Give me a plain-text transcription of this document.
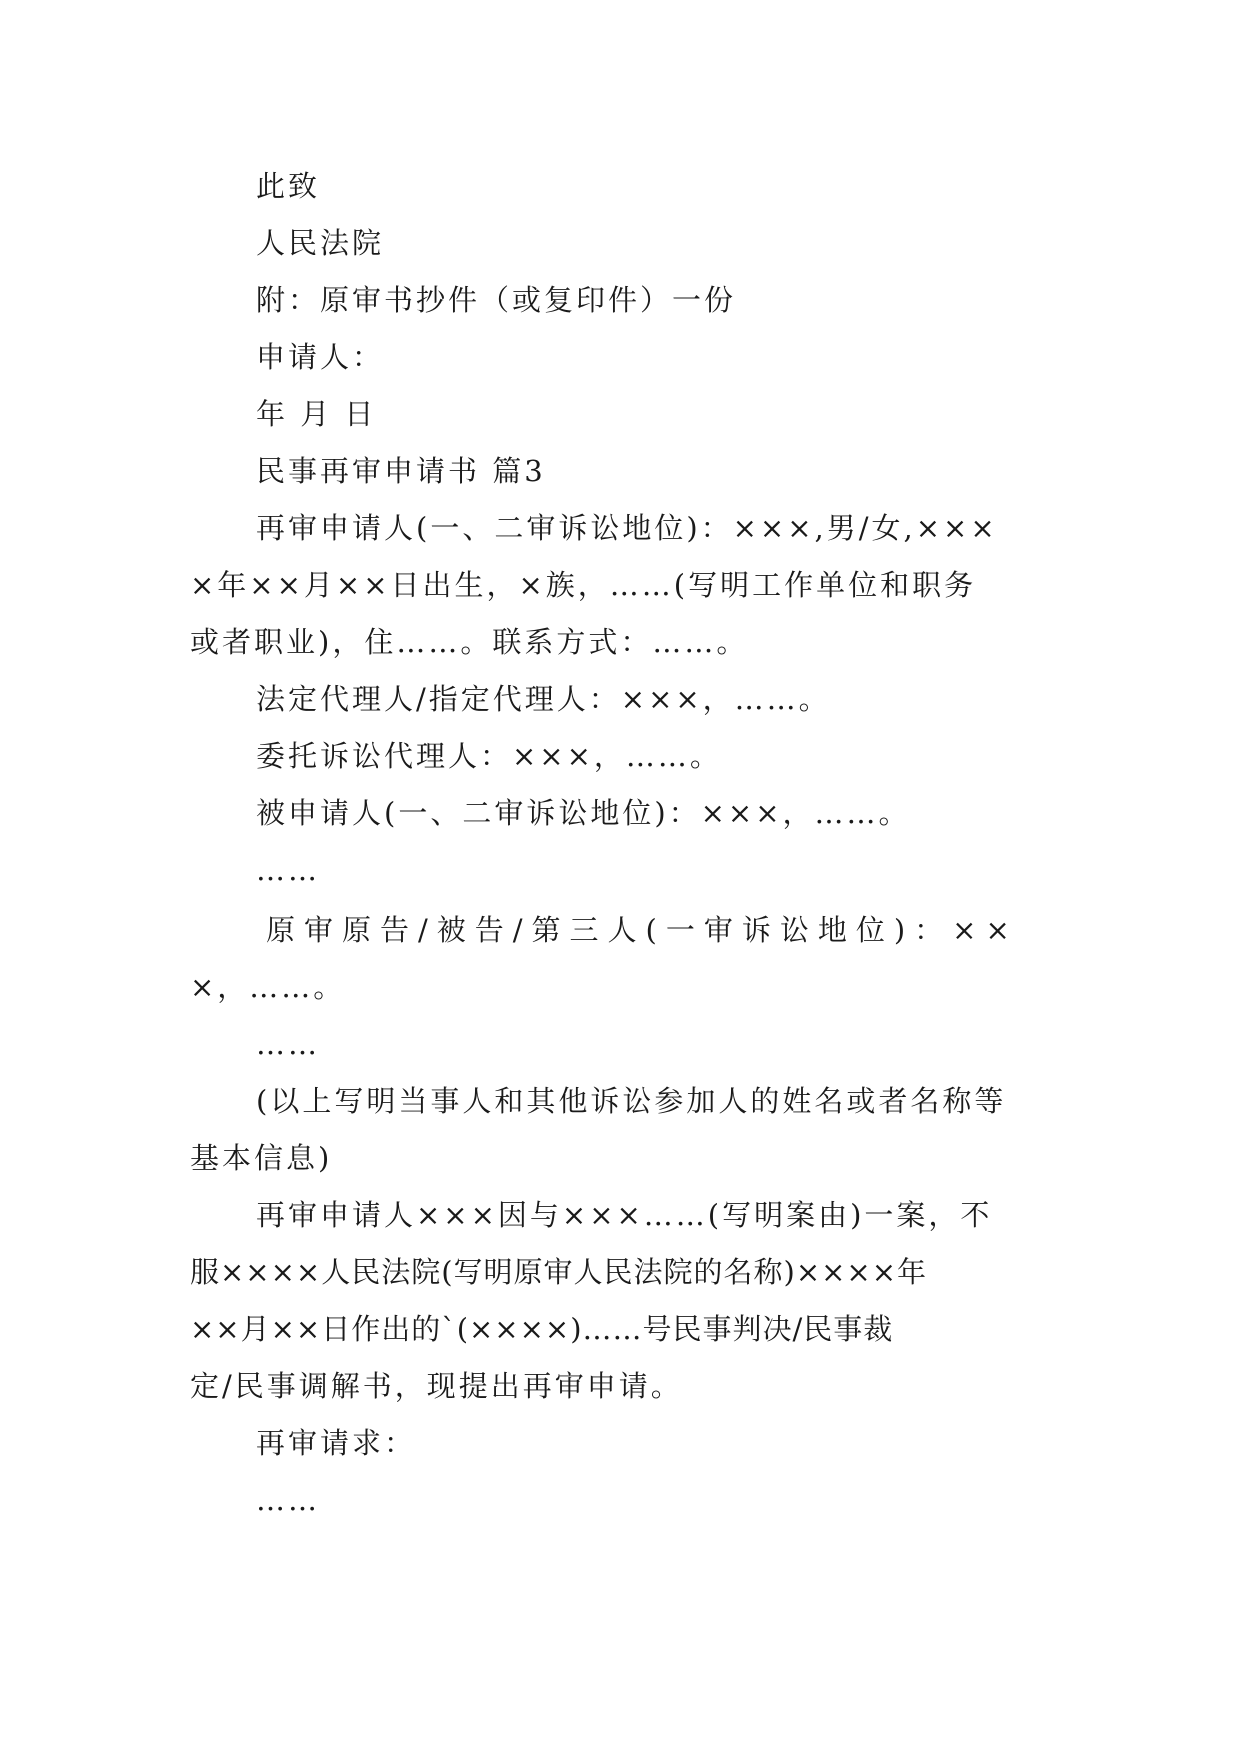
此致
人民法院
附：原审书抄件（或复印件）一份
申请人：
年 月 日
民事再审申请书 篇3
再审申请人(一、二审诉讼地位)：×××,男/女,×××
×年××月××日出生，×族，……(写明工作单位和职务
或者职业)，住……。联系方式：……。
法定代理人/指定代理人：×××，……。
委托诉讼代理人：×××，……。
被申请人(一、二审诉讼地位)：×××，……。
……
原审原告/被告/第三人(一审诉讼地位)：××
×，……。
……
(以上写明当事人和其他诉讼参加人的姓名或者名称等
基本信息)
再审申请人×××因与×××……(写明案由)一案，不
服××××人民法院(写明原审人民法院的名称)××××年
××月××日作出的`(××××)……号民事判决/民事裁
定/民事调解书，现提出再审申请。
再审请求：
……
